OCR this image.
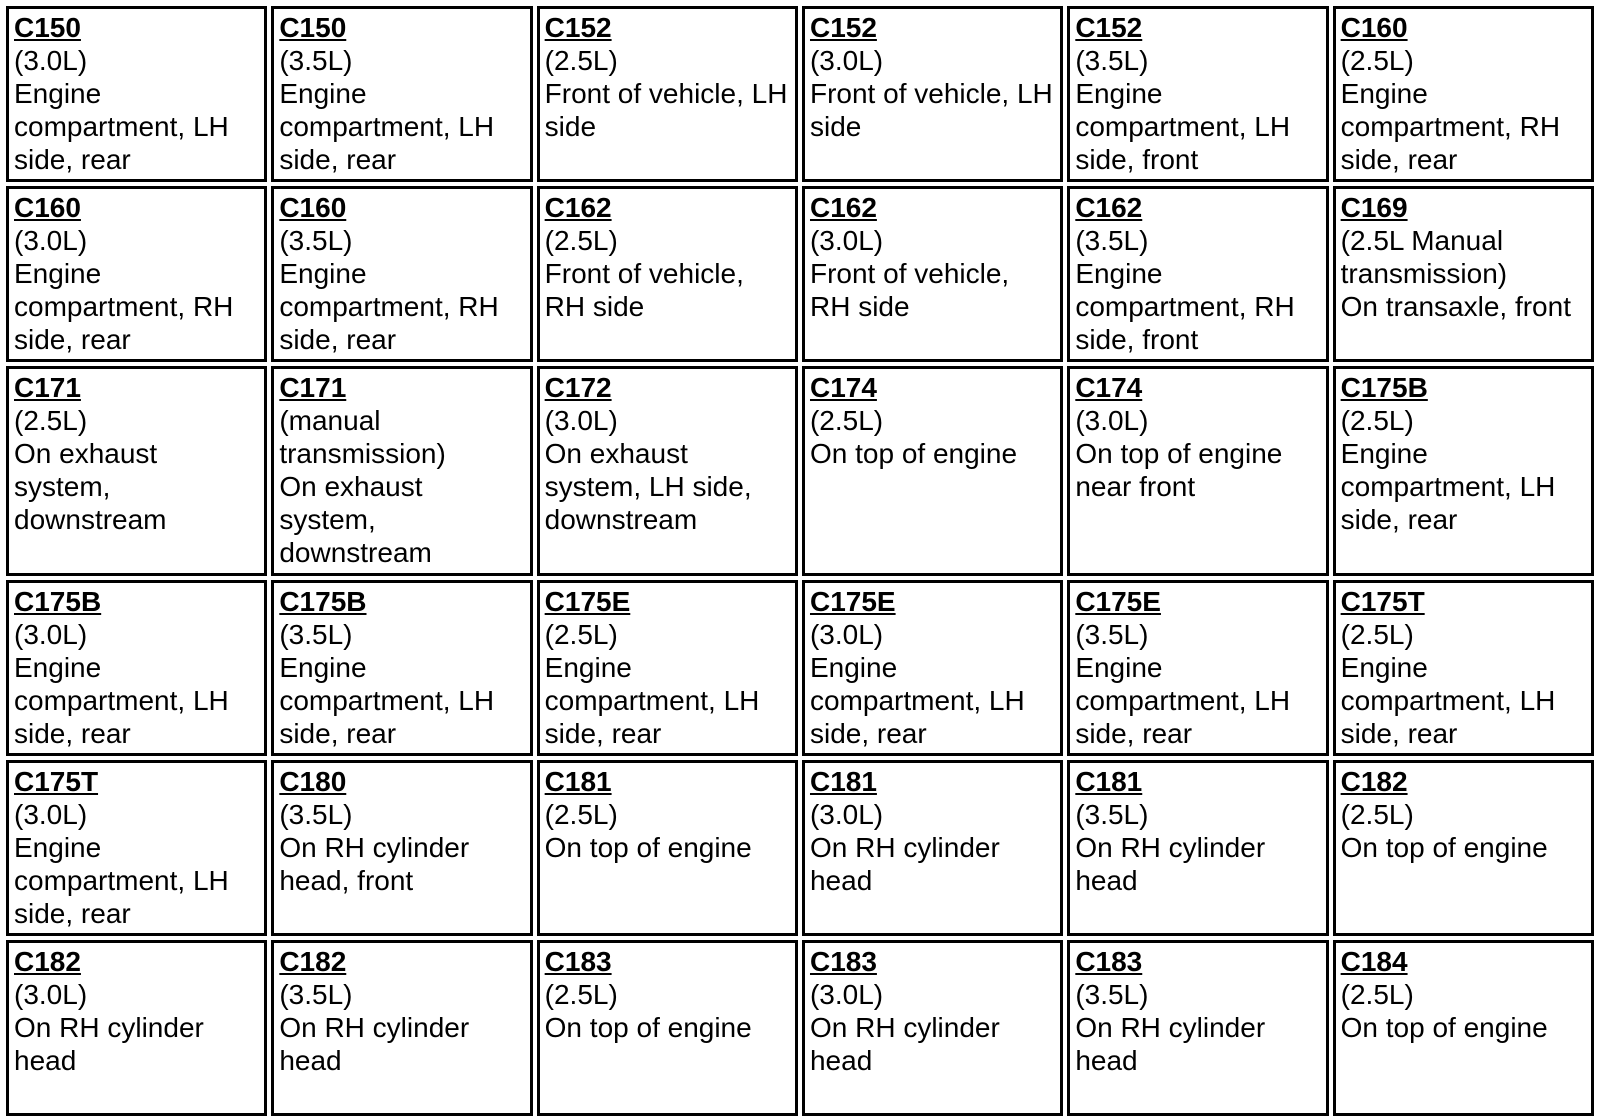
C150
(3.0L)
Engine compartment, LH side, rear	C150
(3.5L)
Engine compartment, LH side, rear	C152
(2.5L)
Front of vehicle, LH side	C152
(3.0L)
Front of vehicle, LH side	C152
(3.5L)
Engine compartment, LH side, front	C160
(2.5L)
Engine compartment, RH side, rear

C160
(3.0L)
Engine compartment, RH side, rear	C160
(3.5L)
Engine compartment, RH side, rear	C162
(2.5L)
Front of vehicle, RH side	C162
(3.0L)
Front of vehicle, RH side	C162
(3.5L)
Engine compartment, RH side, front	C169
(2.5L Manual transmission)
On transaxle, front

C171
(2.5L)
On exhaust system, downstream	C171
(manual transmission)
On exhaust system, downstream	C172
(3.0L)
On exhaust system, LH side, downstream	C174
(2.5L)
On top of engine	C174
(3.0L)
On top of engine near front	C175B
(2.5L)
Engine compartment, LH side, rear

C175B
(3.0L)
Engine compartment, LH side, rear	C175B
(3.5L)
Engine compartment, LH side, rear	C175E
(2.5L)
Engine compartment, LH side, rear	C175E
(3.0L)
Engine compartment, LH side, rear	C175E
(3.5L)
Engine compartment, LH side, rear	C175T
(2.5L)
Engine compartment, LH side, rear

C175T
(3.0L)
Engine compartment, LH side, rear	C180
(3.5L)
On RH cylinder head, front	C181
(2.5L)
On top of engine	C181
(3.0L)
On RH cylinder head	C181
(3.5L)
On RH cylinder head	C182
(2.5L)
On top of engine

C182
(3.0L)
On RH cylinder head	C182
(3.5L)
On RH cylinder head	C183
(2.5L)
On top of engine	C183
(3.0L)
On RH cylinder head	C183
(3.5L)
On RH cylinder head	C184
(2.5L)
On top of engine
